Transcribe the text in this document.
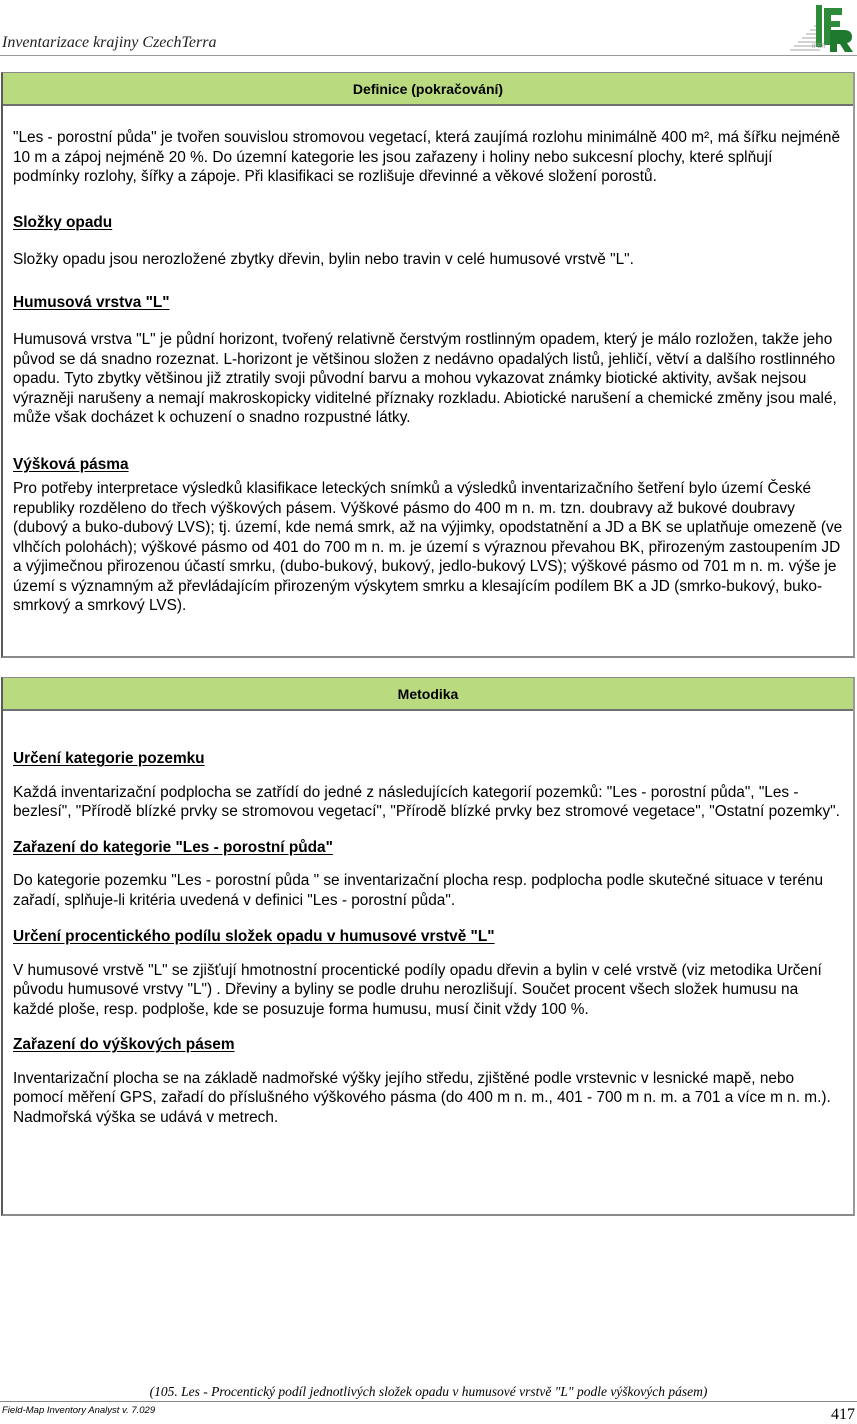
Inventarizace krajiny CzechTerra	IFER
Definice (pokračování)

"Les - porostní půda" je tvořen souvislou stromovou vegetací, která zaujímá rozlohu minimálně 400 m², má šířku nejméně 10 m a zápoj nejméně 20 %. Do územní kategorie les jsou zařazeny i holiny nebo sukcesní plochy, které splňují podmínky rozlohy, šířky a zápoje. Při klasifikaci se rozlišuje dřevinné a věkové složení porostů.

Složky opadu

Složky opadu jsou nerozložené zbytky dřevin, bylin nebo travin v celé humusové vrstvě "L".

Humusová vrstva "L"

Humusová vrstva "L" je půdní horizont, tvořený relativně čerstvým rostlinným opadem, který je málo rozložen, takže jeho původ se dá snadno rozeznat. L-horizont je většinou složen z nedávno opadalých listů, jehličí, větví a dalšího rostlinného opadu. Tyto zbytky většinou již ztratily svoji původní barvu a mohou vykazovat známky biotické aktivity, avšak nejsou výrazněji narušeny a nemají makroskopicky viditelné příznaky rozkladu. Abiotické narušení a chemické změny jsou malé, může však docházet k ochuzení o snadno rozpustné látky.

Výšková pásma

Pro potřeby interpretace výsledků klasifikace leteckých snímků a výsledků inventarizačního šetření bylo území České republiky rozděleno do třech výškových pásem. Výškové pásmo do 400 m n. m. tzn. doubravy až bukové doubravy (dubový a buko-dubový LVS); tj. území, kde nemá smrk, až na výjimky, opodstatnění a JD a BK se uplatňuje omezeně (ve vlhčích polohách); výškové pásmo od 401 do 700 m n. m. je území s výraznou převahou BK, přirozeným zastoupením JD a výjimečnou přirozenou účastí smrku, (dubo-bukový, bukový, jedlo-bukový LVS); výškové pásmo od 701 m n. m. výše je území s významným až převládajícím přirozeným výskytem smrku a klesajícím podílem BK a JD (smrko-bukový, buko-smrkový a smrkový LVS).

Metodika

Určení kategorie pozemku

Každá inventarizační podplocha se zatřídí do jedné z následujících kategorií pozemků: "Les - porostní půda", "Les - bezlesí", "Přírodě blízké prvky se stromovou vegetací", "Přírodě blízké prvky bez stromové vegetace", "Ostatní pozemky".

Zařazení do kategorie "Les - porostní půda"

Do kategorie pozemku "Les - porostní půda " se inventarizační plocha resp. podplocha podle skutečné situace v terénu zařadí, splňuje-li kritéria uvedená v definici "Les - porostní půda".

Určení procentického podílu složek opadu v humusové vrstvě "L"

V humusové vrstvě "L" se zjišťují hmotnostní procentické podíly opadu dřevin a bylin v celé vrstvě (viz metodika Určení původu humusové vrstvy "L") . Dřeviny a byliny se podle druhu nerozlišují. Součet procent všech složek humusu na každé ploše, resp. podploše, kde se posuzuje forma humusu, musí činit vždy 100 %.

Zařazení do výškových pásem

Inventarizační plocha se na základě nadmořské výšky jejího středu, zjištěné podle vrstevnic v lesnické mapě, nebo pomocí měření GPS, zařadí do příslušného výškového pásma (do 400 m n. m., 401 - 700 m n. m. a 701 a více m n. m.). Nadmořská výška se udává v metrech.

(105. Les - Procentický podíl jednotlivých složek opadu v humusové vrstvě "L" podle výškových pásem)
Field-Map Inventory Analyst v. 7.029	417
